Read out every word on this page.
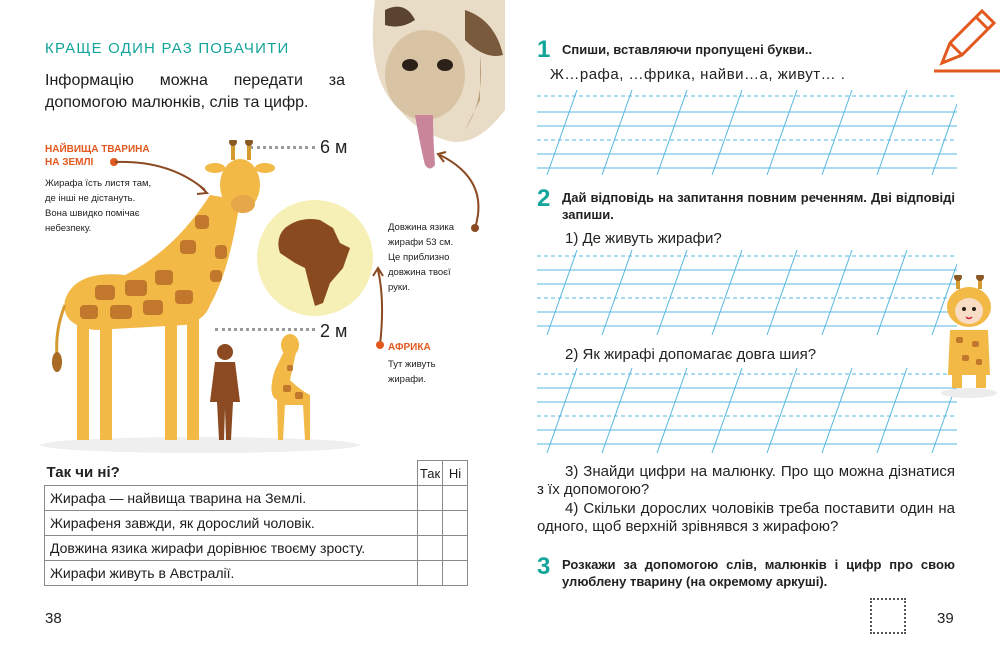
КРАЩЕ ОДИН РАЗ ПОБАЧИТИ
Інформацію можна передати за допомогою малюнків, слів та цифр.
НАЙВИЩА ТВАРИНА
НА ЗЕМЛІ
Жирафа їсть листя там,
де інші не дістануть.
Вона швидко помічає
небезпеку.
6 м
2 м
Довжина язика
жирафи 53 см.
Це приблизно
довжина твоєї
руки.
АФРИКА
Тут живуть
жирафи.
Так чи ні?	Так	Ні
Жирафа — найвища тварина на Землі.		
Жирафеня завжди, як дорослий чоловік.		
Довжина язика жирафи дорівнює твоєму зросту.		
Жирафи живуть в Австралії.		
38
1 Спиши, вставляючи пропущені букви..
Ж…рафа, …фрика, найви…а, живут… .
2 Дай відповідь на запитання повним реченням. Дві відповіді запиши.
1) Де живуть жирафи?
2) Як жирафі допомагає довга шия?
3) Знайди цифри на малюнку. Про що можна дізнатися з їх допомогою?
4) Скільки дорослих чоловіків треба поставити один на одного, щоб верхній зрівнявся з жирафою?
3 Розкажи за допомогою слів, малюнків і цифр про свою улюблену тварину (на окремому аркуші).
39
